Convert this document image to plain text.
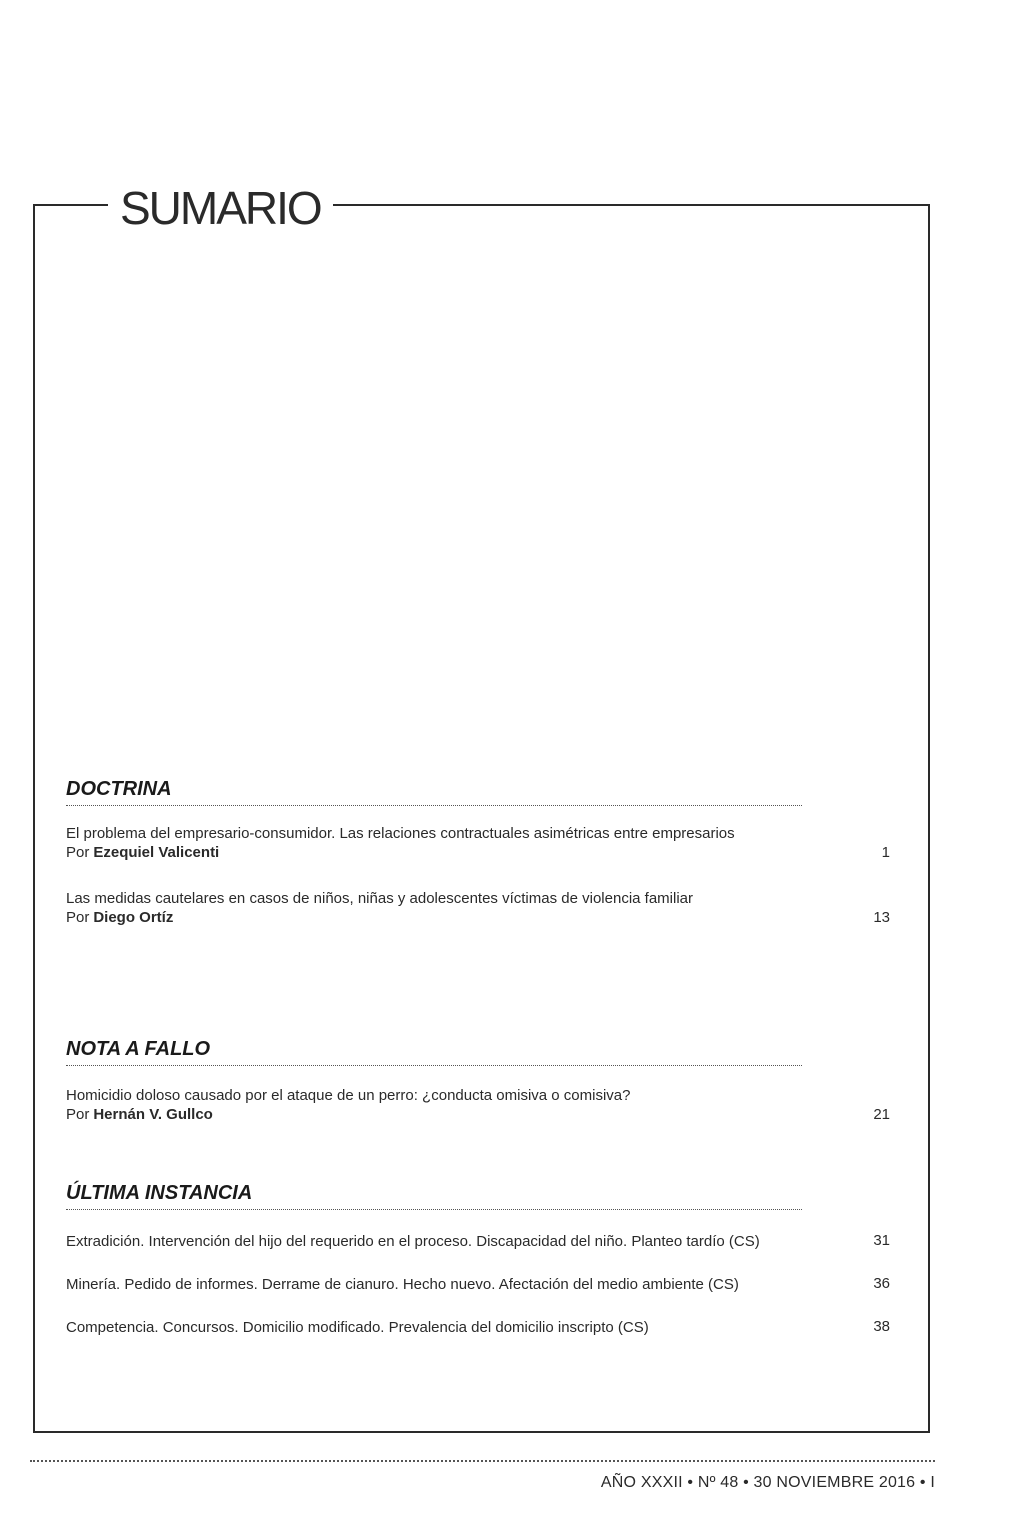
SUMARIO
DOCTRINA
El problema del empresario-consumidor. Las relaciones contractuales asimétricas entre empresarios
Por Ezequiel Valicenti	1
Las medidas cautelares en casos de niños, niñas y adolescentes víctimas de violencia familiar
Por Diego Ortíz	13
NOTA A FALLO
Homicidio doloso causado por el ataque de un perro: ¿conducta omisiva o comisiva?
Por Hernán V. Gullco	21
ÚLTIMA INSTANCIA
Extradición. Intervención del hijo del requerido en el proceso. Discapacidad del niño. Planteo tardío (CS)	31
Minería. Pedido de informes. Derrame de cianuro. Hecho nuevo. Afectación del medio ambiente (CS)	36
Competencia. Concursos. Domicilio modificado. Prevalencia del domicilio inscripto (CS)	38
AÑO XXXII • Nº 48 • 30 NOVIEMBRE 2016 • I
